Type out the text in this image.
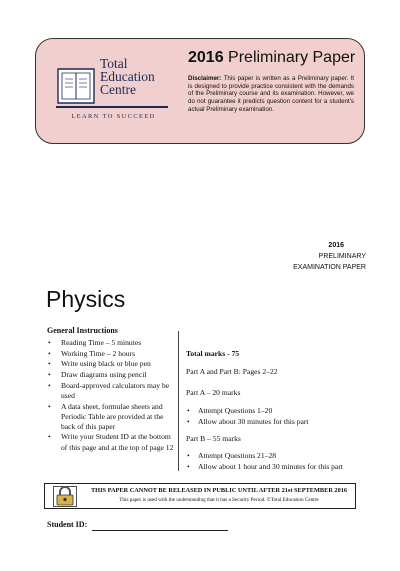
Total
Education
Centre
LEARN TO SUCCEED
2016 Preliminary Paper
Disclaimer: This paper is written as a Preliminary paper. It is designed to provide practice consistent with the demands of the Preliminary course and its examination. However, we do not guarantee it predicts question content for a student's actual Preliminary examination.
2016
PRELIMINARY
EXAMINATION PAPER
Physics
General Instructions
• Reading Time – 5 minutes
• Working Time – 2 hours
• Write using black or blue pen
• Draw diagrams using pencil
• Board-approved calculators may be used
• A data sheet, formulae sheets and Periodic Table are provided at the back of this paper
• Write your Student ID at the bottom of this page and at the top of page 12
Total marks - 75
Part A and Part B: Pages 2–22
Part A – 20 marks
• Attempt Questions 1–20
• Allow about 30 minutes for this part
Part B – 55 marks
• Attempt Questions 21–28
• Allow about 1 hour and 30 minutes for this part
THIS PAPER CANNOT BE RELEASED IN PUBLIC UNTIL AFTER 21st SEPTEMBER 2016
This paper is used with the understanding that it has a Security Period. ©Total Education Centre
Student ID:
